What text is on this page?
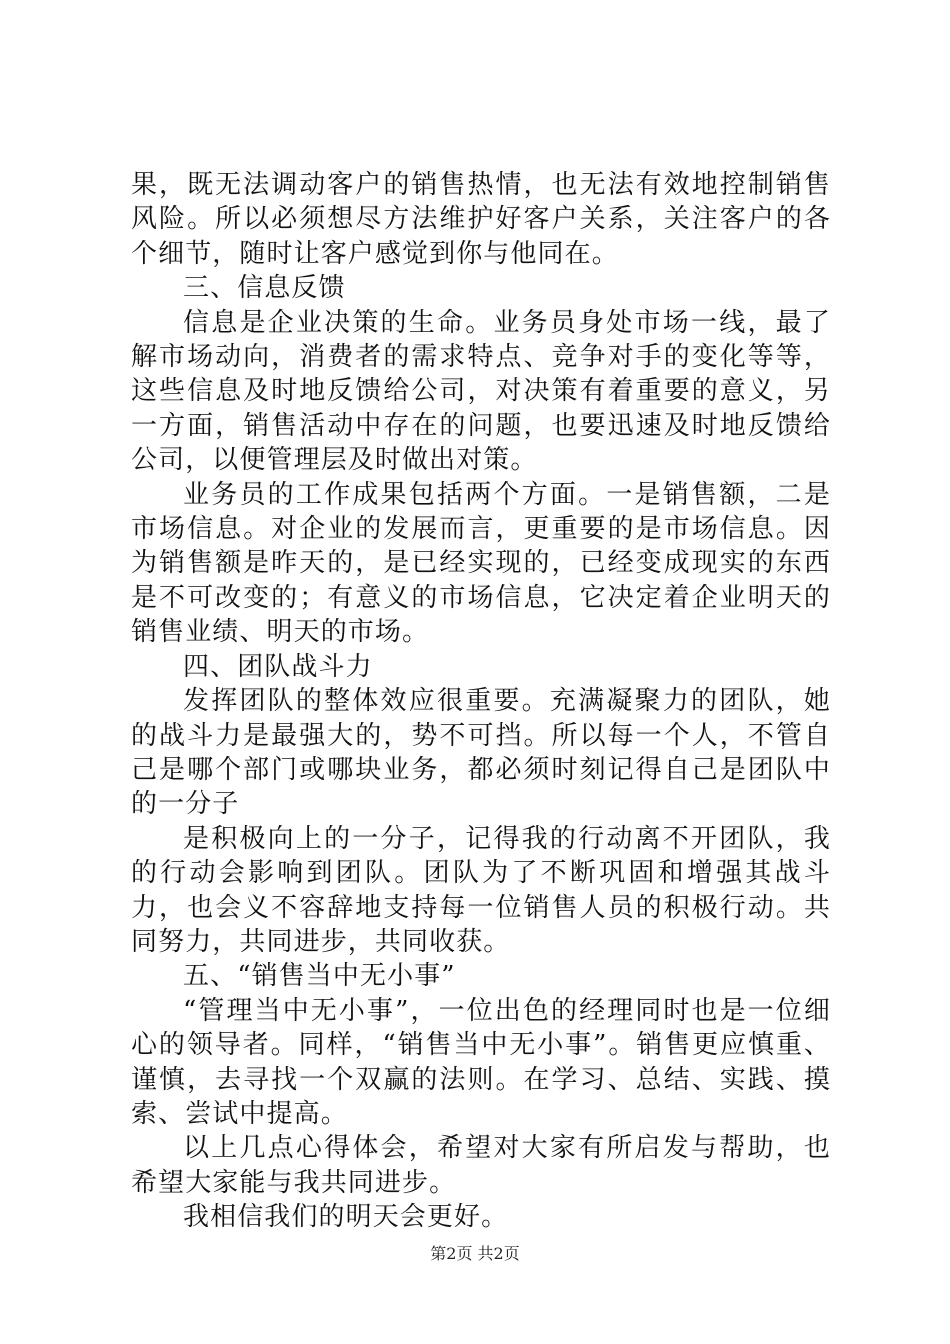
果，既无法调动客户的销售热情，也无法有效地控制销售风险。所以必须想尽方法维护好客户关系，关注客户的各个细节，随时让客户感觉到你与他同在。

三、信息反馈

信息是企业决策的生命。业务员身处市场一线，最了解市场动向，消费者的需求特点、竞争对手的变化等等，这些信息及时地反馈给公司，对决策有着重要的意义，另一方面，销售活动中存在的问题，也要迅速及时地反馈给公司，以便管理层及时做出对策。

业务员的工作成果包括两个方面。一是销售额，二是市场信息。对企业的发展而言，更重要的是市场信息。因为销售额是昨天的，是已经实现的，已经变成现实的东西是不可改变的；有意义的市场信息，它决定着企业明天的销售业绩、明天的市场。

四、团队战斗力

发挥团队的整体效应很重要。充满凝聚力的团队，她的战斗力是最强大的，势不可挡。所以每一个人，不管自己是哪个部门或哪块业务，都必须时刻记得自己是团队中的一分子

是积极向上的一分子，记得我的行动离不开团队，我的行动会影响到团队。团队为了不断巩固和增强其战斗力，也会义不容辞地支持每一位销售人员的积极行动。共同努力，共同进步，共同收获。

五、“销售当中无小事”

“管理当中无小事”，一位出色的经理同时也是一位细心的领导者。同样，“销售当中无小事”。销售更应慎重、谨慎，去寻找一个双赢的法则。在学习、总结、实践、摸索、尝试中提高。

以上几点心得体会，希望对大家有所启发与帮助，也希望大家能与我共同进步。

我相信我们的明天会更好。

第2页 共2页
